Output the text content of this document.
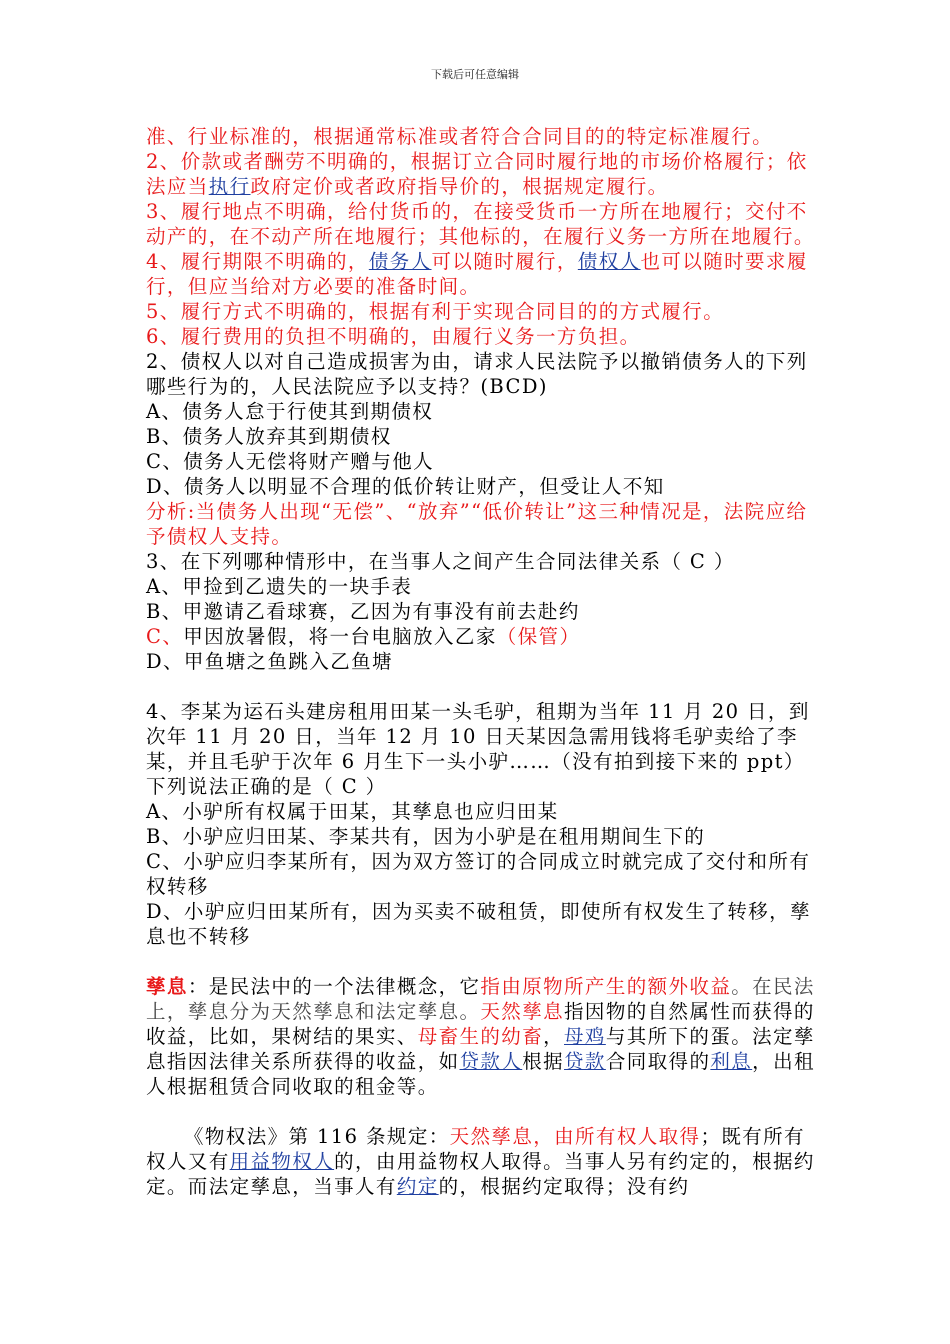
下载后可任意编辑

准、行业标准的，根据通常标准或者符合合同目的的特定标准履行。

2、价款或者酬劳不明确的，根据订立合同时履行地的市场价格履行；依法应当执行政府定价或者政府指导价的，根据规定履行。

3、履行地点不明确，给付货币的，在接受货币一方所在地履行；交付不动产的，在不动产所在地履行；其他标的，在履行义务一方所在地履行。

4、履行期限不明确的，债务人可以随时履行，债权人也可以随时要求履行，但应当给对方必要的准备时间。

5、履行方式不明确的，根据有利于实现合同目的的方式履行。

6、履行费用的负担不明确的，由履行义务一方负担。

2、债权人以对自己造成损害为由，请求人民法院予以撤销债务人的下列哪些行为的，人民法院应予以支持？(BCD)

A、债务人怠于行使其到期债权

B、债务人放弃其到期债权

C、债务人无偿将财产赠与他人

D、债务人以明显不合理的低价转让财产，但受让人不知

分析:当债务人出现“无偿”、“放弃”“低价转让”这三种情况是，法院应给予债权人支持。

3、在下列哪种情形中，在当事人之间产生合同法律关系（ C ）

A、甲捡到乙遗失的一块手表

B、甲邀请乙看球赛，乙因为有事没有前去赴约

C、甲因放暑假，将一台电脑放入乙家（保管）

D、甲鱼塘之鱼跳入乙鱼塘

4、李某为运石头建房租用田某一头毛驴，租期为当年 11 月 20 日，到次年 11 月 20 日，当年 12 月 10 日天某因急需用钱将毛驴卖给了李某，并且毛驴于次年 6 月生下一头小驴……（没有拍到接下来的 ppt）下列说法正确的是（ C ）

A、小驴所有权属于田某，其孳息也应归田某

B、小驴应归田某、李某共有，因为小驴是在租用期间生下的

C、小驴应归李某所有，因为双方签订的合同成立时就完成了交付和所有权转移

D、小驴应归田某所有，因为买卖不破租赁，即使所有权发生了转移，孳息也不转移

孳息：是民法中的一个法律概念，它指由原物所产生的额外收益。在民法上，孳息分为天然孳息和法定孳息。天然孳息指因物的自然属性而获得的收益，比如，果树结的果实、母畜生的幼畜，母鸡与其所下的蛋。法定孳息指因法律关系所获得的收益，如贷款人根据贷款合同取得的利息，出租人根据租赁合同收取的租金等。

《物权法》第 116 条规定：天然孳息，由所有权人取得；既有所有权人又有用益物权人的，由用益物权人取得。当事人另有约定的，根据约定。而法定孳息，当事人有约定的，根据约定取得；没有约
